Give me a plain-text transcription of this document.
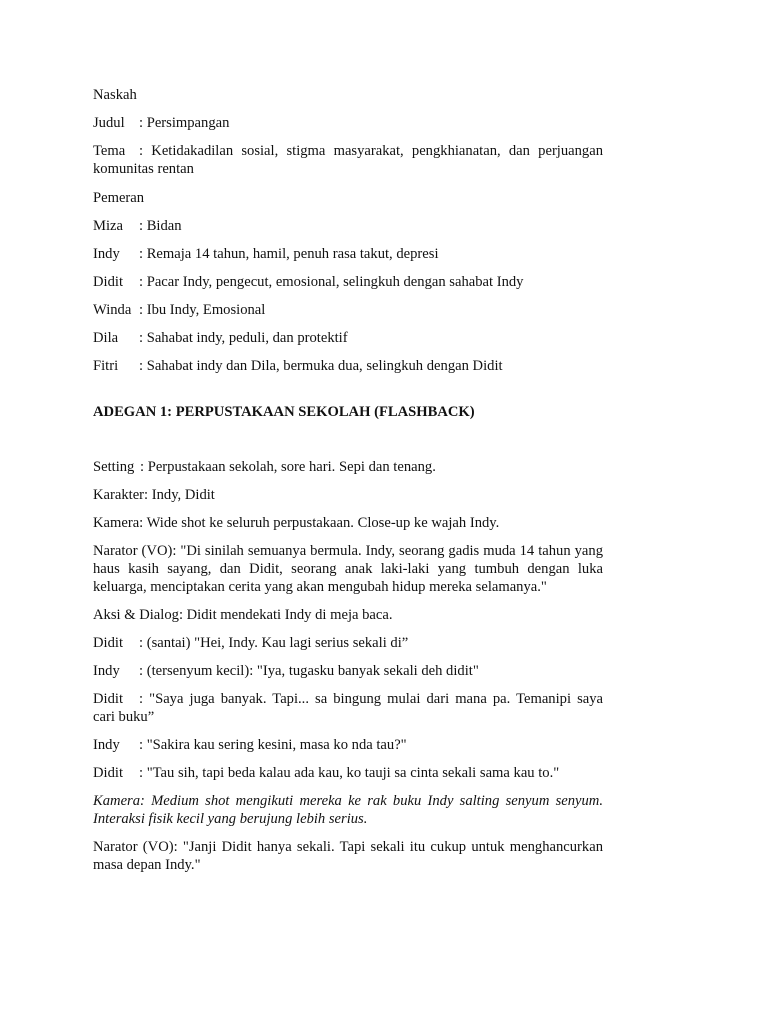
Naskah

Judul : Persimpangan
Tema : Ketidakadilan sosial, stigma masyarakat, pengkhianatan, dan perjuangan
komunitas rentan

Pemeran

Miza	: Bidan
Indy	: Remaja 14 tahun, hamil, penuh rasa takut, depresi
Didit	: Pacar Indy, pengecut, emosional, selingkuh dengan sahabat Indy
Winda : Ibu Indy, Emosional
Dila	: Sahabat indy, peduli, dan protektif
Fitri	: Sahabat indy dan Dila, bermuka dua, selingkuh dengan Didit

ADEGAN 1: PERPUSTAKAAN SEKOLAH (FLASHBACK)

Setting : Perpustakaan sekolah, sore hari. Sepi dan tenang.

Karakter: Indy, Didit

Kamera: Wide shot ke seluruh perpustakaan. Close-up ke wajah Indy.

Narator (VO): "Di sinilah semuanya bermula. Indy, seorang gadis muda 14 tahun yang haus kasih sayang, dan Didit, seorang anak laki-laki yang tumbuh dengan luka keluarga, menciptakan cerita yang akan mengubah hidup mereka selamanya."

Aksi & Dialog: Didit mendekati Indy di meja baca.

Didit	: (santai) "Hei, Indy. Kau lagi serius sekali di”
Indy	: (tersenyum kecil): "Iya, tugasku banyak sekali deh didit"
Didit	: "Saya juga banyak. Tapi... sa bingung mulai dari mana pa. Temanipi saya
cari buku”
Indy	: "Sakira kau sering kesini, masa ko nda tau?"
Didit	: "Tau sih, tapi beda kalau ada kau, ko tauji sa cinta sekali sama kau to."

Kamera: Medium shot mengikuti mereka ke rak buku Indy salting senyum senyum. Interaksi fisik kecil yang berujung lebih serius.

Narator (VO): "Janji Didit hanya sekali. Tapi sekali itu cukup untuk menghancurkan masa depan Indy."
